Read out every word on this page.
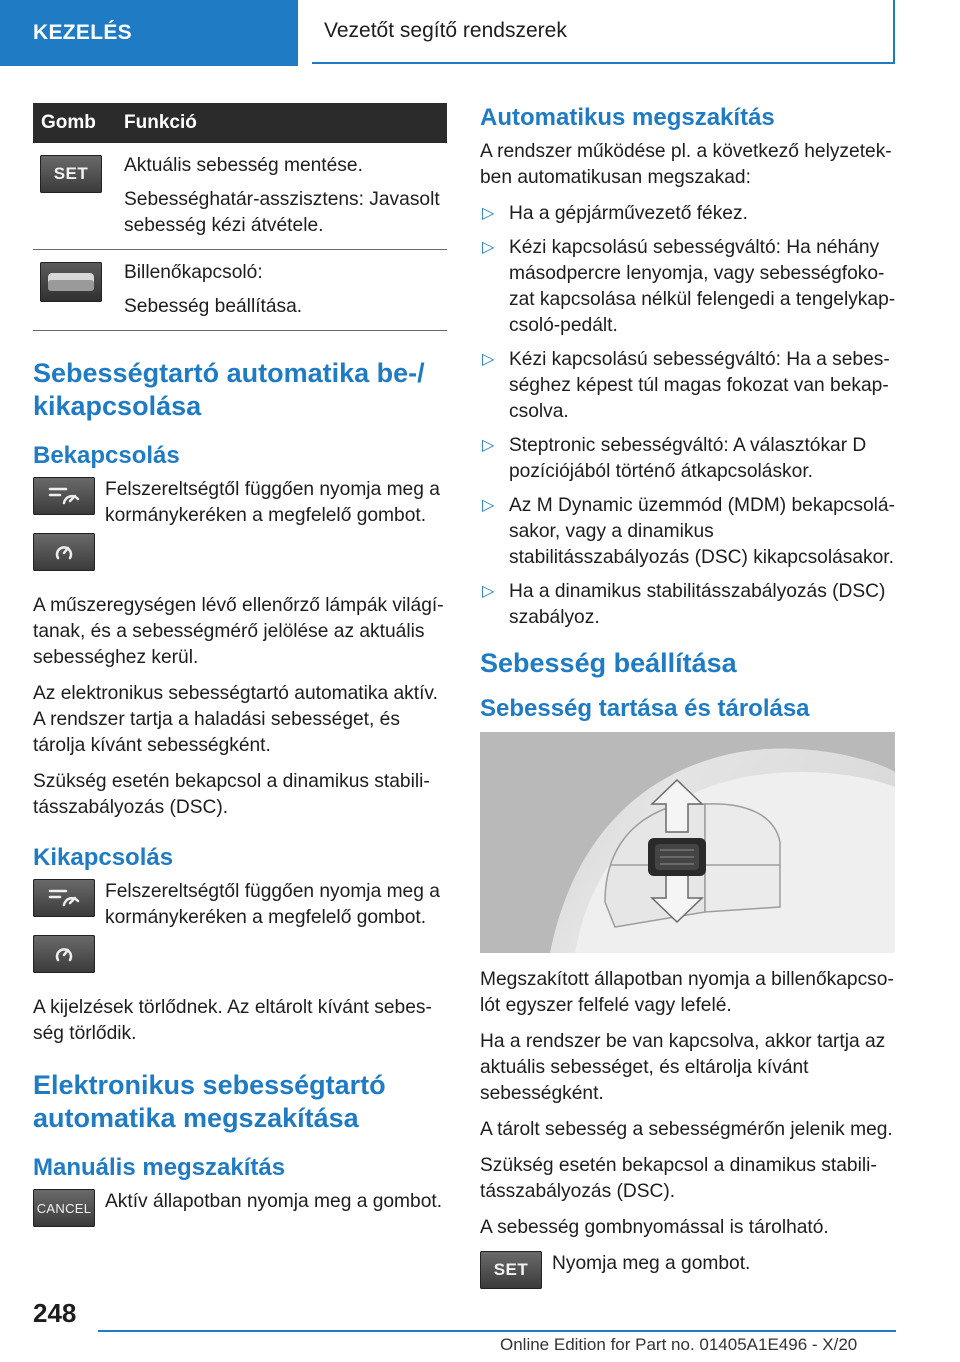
KEZELÉS	Vezetőt segítő rendszerek
Gomb	Funkció
SET	Aktuális sebesség mentése.

Sebességhatár-asszisztens: Javasolt sebesség kézi átvétele.

Billenőkapcsoló:

Sebesség beállítása.

Sebességtartó automatika be-/ kikapcsolása
Bekapcsolás

Felszereltségtől függően nyomja meg a kormánykeréken a megfelelő gombot.

A műszeregységen lévő ellenőrző lámpák világítanak, és a sebességmérő jelölése az aktuális sebességhez kerül.

Az elektronikus sebességtartó automatika aktív. A rendszer tartja a haladási sebességet, és tárolja kívánt sebességként.

Szükség esetén bekapcsol a dinamikus stabilitásszabályozás (DSC).

Kikapcsolás

Felszereltségtől függően nyomja meg a kormánykeréken a megfelelő gombot.

A kijelzések törlődnek. Az eltárolt kívánt sebesség törlődik.

Elektronikus sebességtartó automatika megszakítása
Manuális megszakítás
CANCEL Aktív állapotban nyomja meg a gombot.

Automatikus megszakítás

A rendszer működése pl. a következő helyzetekben automatikusan megszakad:

▷ Ha a gépjárművezető fékez.
▷ Kézi kapcsolású sebességváltó: Ha néhány másodpercre lenyomja, vagy sebességfokozat kapcsolása nélkül felengedi a tengelykapcsoló-pedált.
▷ Kézi kapcsolású sebességváltó: Ha a sebességhez képest túl magas fokozat van bekapcsolva.
▷ Steptronic sebességváltó: A választókar D pozíciójából történő átkapcsoláskor.
▷ Az M Dynamic üzemmód (MDM) bekapcsolásakor, vagy a dinamikus stabilitásszabályozás (DSC) kikapcsolásakor.
▷ Ha a dinamikus stabilitásszabályozás (DSC) szabályoz.
Sebesség beállítása
Sebesség tartása és tárolása

Megszakított állapotban nyomja a billenőkapcsolót egyszer felfelé vagy lefelé.

Ha a rendszer be van kapcsolva, akkor tartja az aktuális sebességet, és eltárolja kívánt sebességként.

A tárolt sebesség a sebességmérőn jelenik meg.

Szükség esetén bekapcsol a dinamikus stabilitásszabályozás (DSC).

A sebesség gombnyomással is tárolható.

SET	Nyomja meg a gombot.

248
Online Edition for Part no. 01405A1E496 - X/20
